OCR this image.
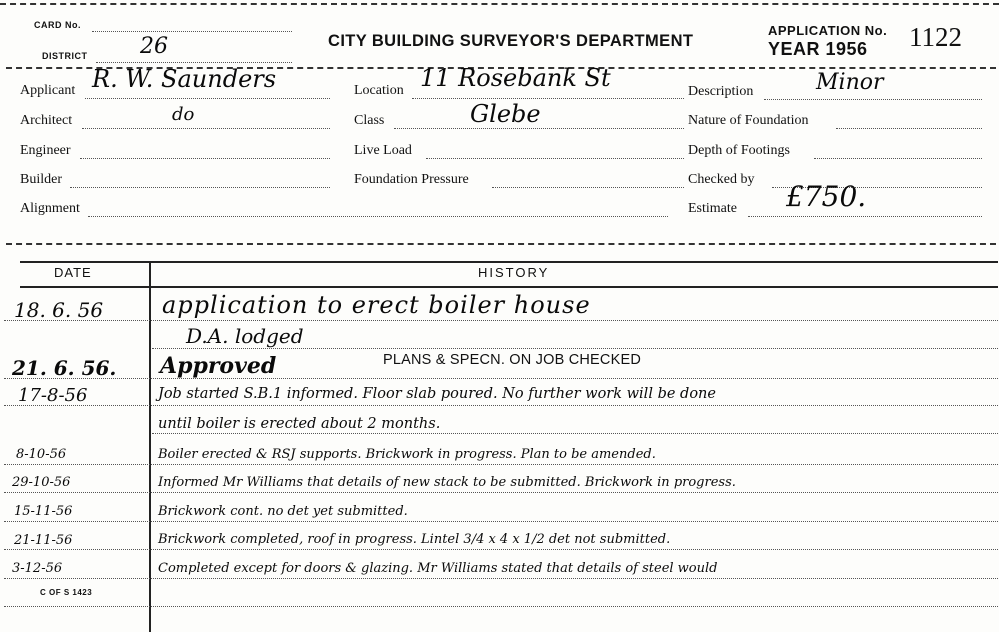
CARD No.
DISTRICT 26	CITY BUILDING SURVEYOR'S DEPARTMENT
APPLICATION No.
YEAR 1956 1122
Applicant R. W. Saunders
Architect	do
Engineer
Builder
Alignment
Location 11 Rosebank St
Class	Glebe
Live Load
Foundation Pressure
Description	Minor
Nature of Foundation
Depth of Footings
Checked by
Estimate £750.
DATE	HISTORY
18. 6. 56 application to erect boiler house
D.A. lodged
21. 6. 56. Approved	PLANS & SPECN. ON JOB CHECKED
17-8-56	Job started S.B.1 informed. Floor slab poured. No further work will be done
until boiler is erected about 2 months.
8-10-56	Boiler erected & RSJ supports. Brickwork in progress. Plan to be amended.
29-10-56	Informed Mr Williams that details of new stack to be submitted. Brickwork in progress.
15-11-56	Brickwork cont. no det yet submitted.
21-11-56	Brickwork completed, roof in progress. Lintel 3/4 x 4 x 1/2 det not submitted.
3-12-56	Completed except for doors & glazing. Mr Williams stated that details of steel would
C OF S 1423
